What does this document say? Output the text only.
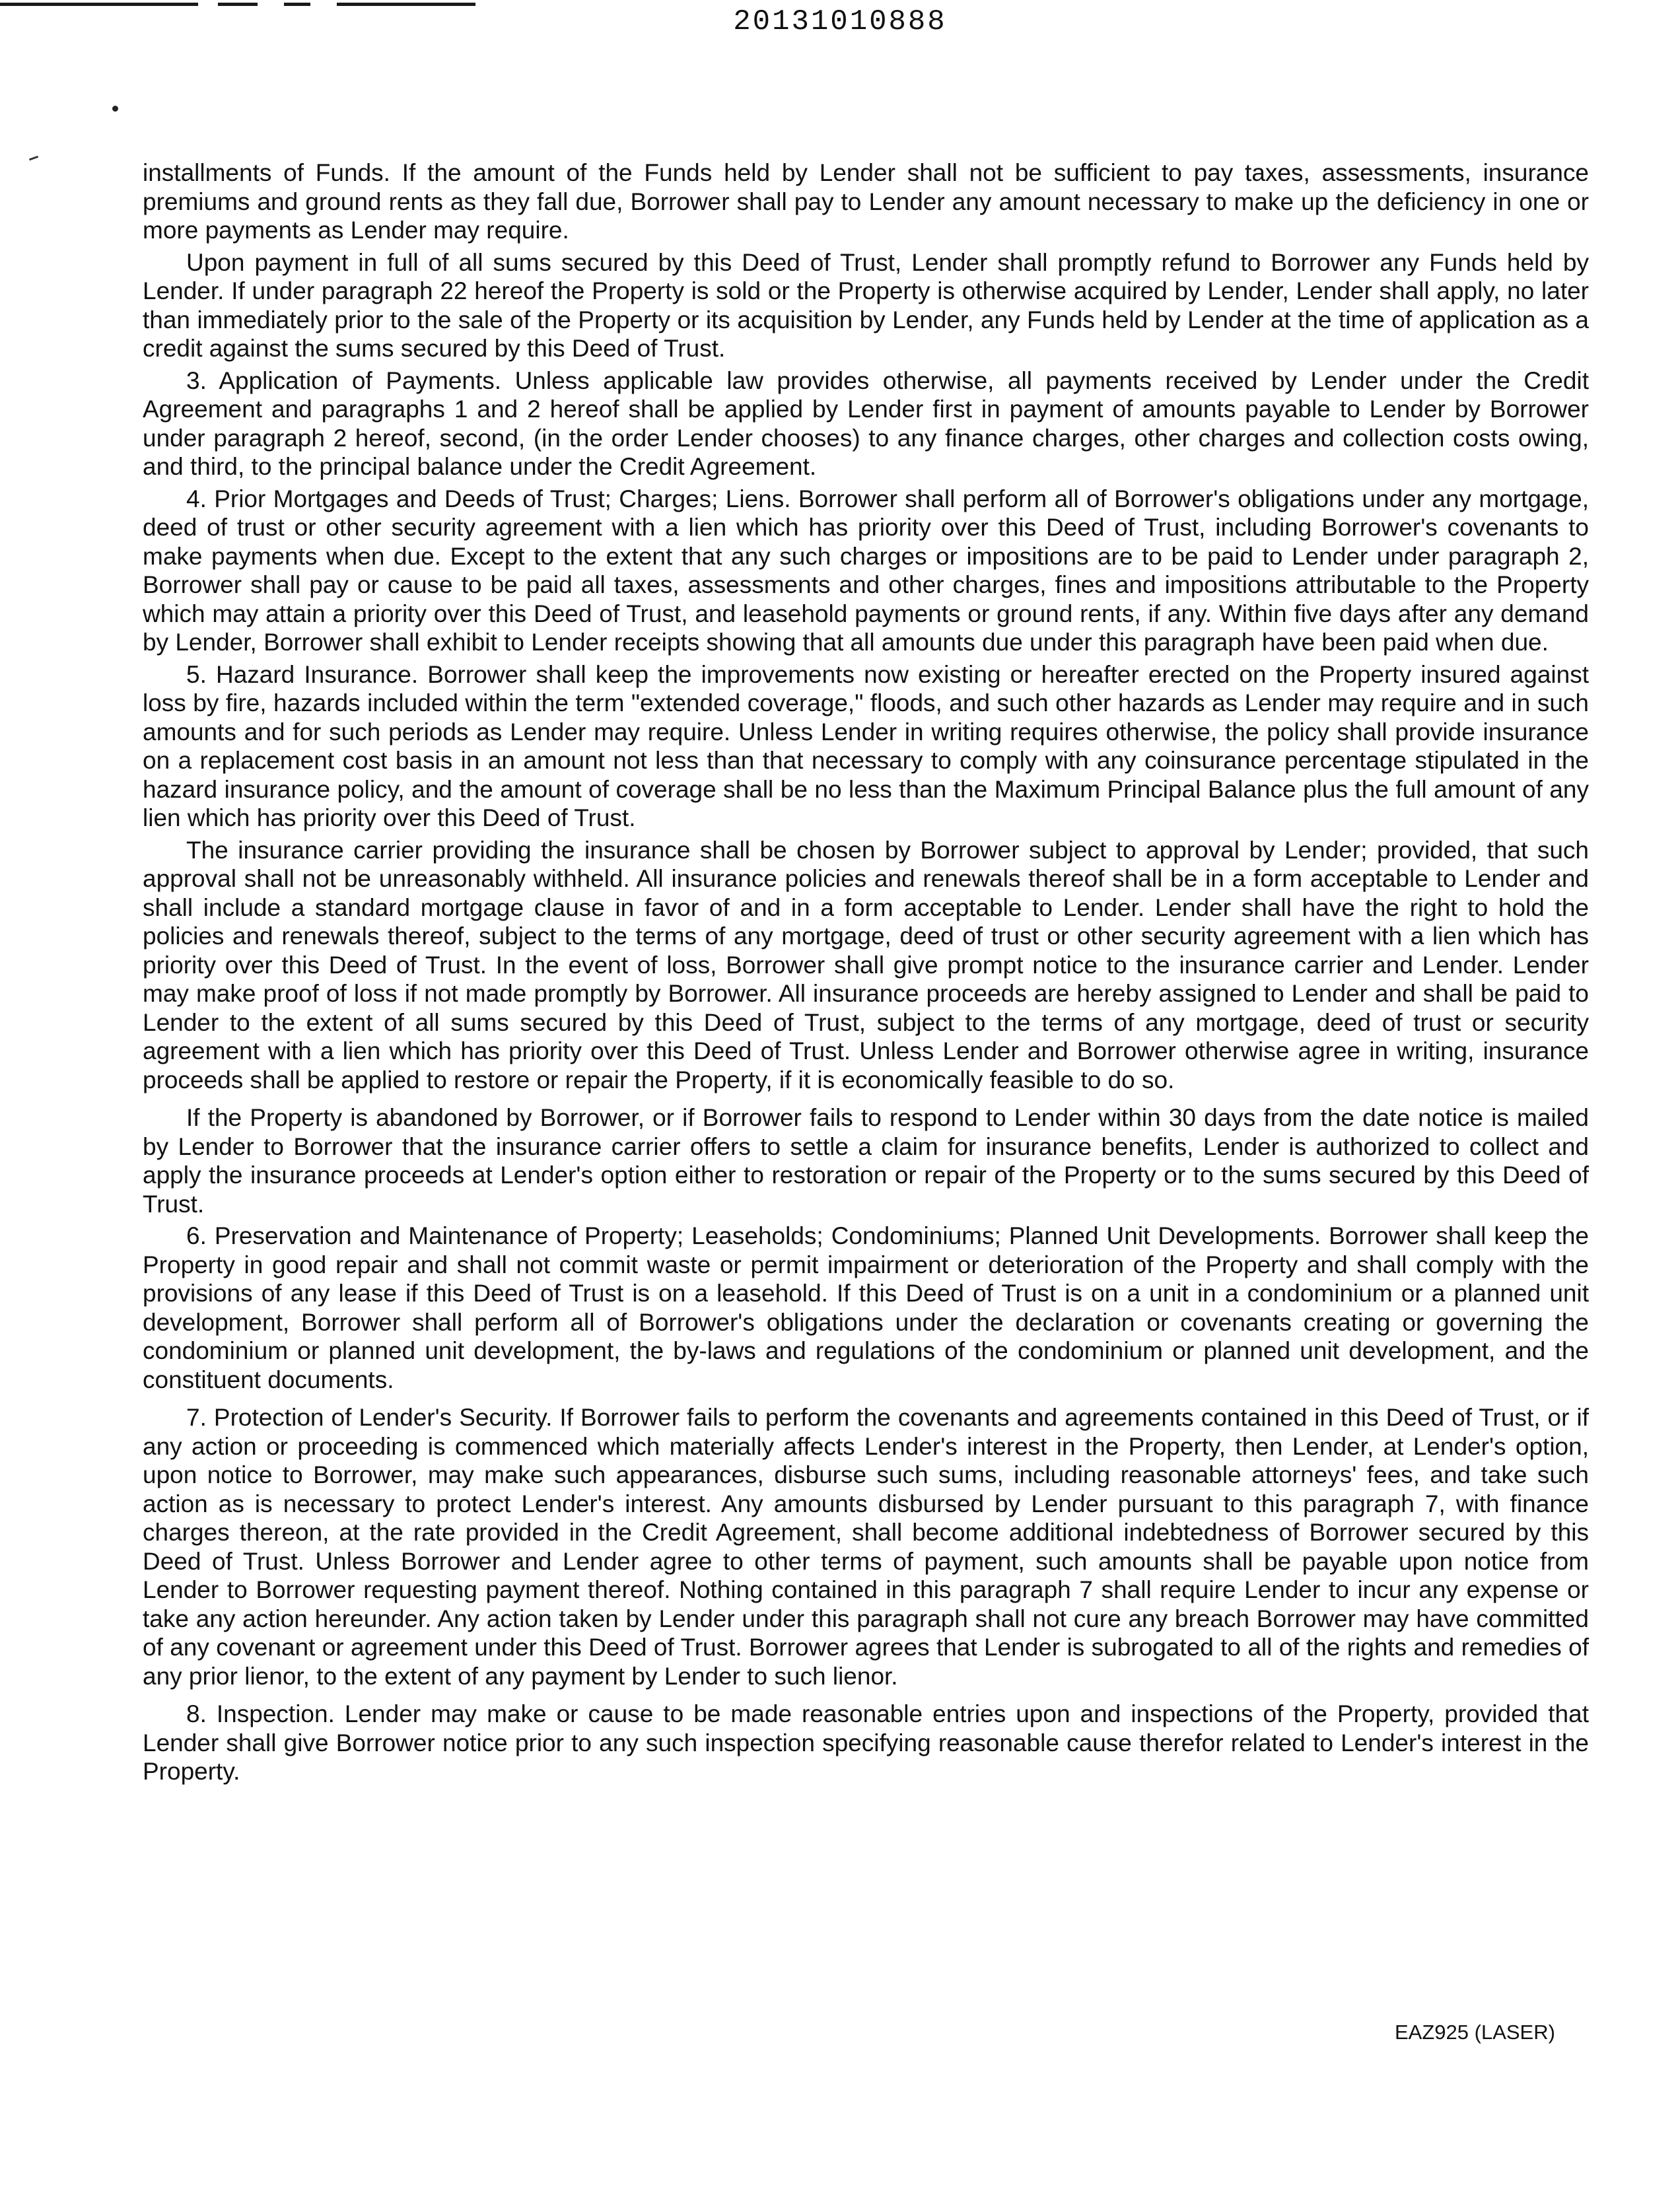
20131010888

installments of Funds. If the amount of the Funds held by Lender shall not be sufficient to pay taxes, assessments, insurance premiums and ground rents as they fall due, Borrower shall pay to Lender any amount necessary to make up the deficiency in one or more payments as Lender may require.

Upon payment in full of all sums secured by this Deed of Trust, Lender shall promptly refund to Borrower any Funds held by Lender. If under paragraph 22 hereof the Property is sold or the Property is otherwise acquired by Lender, Lender shall apply, no later than immediately prior to the sale of the Property or its acquisition by Lender, any Funds held by Lender at the time of application as a credit against the sums secured by this Deed of Trust.

3. Application of Payments. Unless applicable law provides otherwise, all payments received by Lender under the Credit Agreement and paragraphs 1 and 2 hereof shall be applied by Lender first in payment of amounts payable to Lender by Borrower under paragraph 2 hereof, second, (in the order Lender chooses) to any finance charges, other charges and collection costs owing, and third, to the principal balance under the Credit Agreement.

4. Prior Mortgages and Deeds of Trust; Charges; Liens. Borrower shall perform all of Borrower's obligations under any mortgage, deed of trust or other security agreement with a lien which has priority over this Deed of Trust, including Borrower's covenants to make payments when due. Except to the extent that any such charges or impositions are to be paid to Lender under paragraph 2, Borrower shall pay or cause to be paid all taxes, assessments and other charges, fines and impositions attributable to the Property which may attain a priority over this Deed of Trust, and leasehold payments or ground rents, if any. Within five days after any demand by Lender, Borrower shall exhibit to Lender receipts showing that all amounts due under this paragraph have been paid when due.

5. Hazard Insurance. Borrower shall keep the improvements now existing or hereafter erected on the Property insured against loss by fire, hazards included within the term "extended coverage," floods, and such other hazards as Lender may require and in such amounts and for such periods as Lender may require. Unless Lender in writing requires otherwise, the policy shall provide insurance on a replacement cost basis in an amount not less than that necessary to comply with any coinsurance percentage stipulated in the hazard insurance policy, and the amount of coverage shall be no less than the Maximum Principal Balance plus the full amount of any lien which has priority over this Deed of Trust.

The insurance carrier providing the insurance shall be chosen by Borrower subject to approval by Lender; provided, that such approval shall not be unreasonably withheld. All insurance policies and renewals thereof shall be in a form acceptable to Lender and shall include a standard mortgage clause in favor of and in a form acceptable to Lender. Lender shall have the right to hold the policies and renewals thereof, subject to the terms of any mortgage, deed of trust or other security agreement with a lien which has priority over this Deed of Trust. In the event of loss, Borrower shall give prompt notice to the insurance carrier and Lender. Lender may make proof of loss if not made promptly by Borrower. All insurance proceeds are hereby assigned to Lender and shall be paid to Lender to the extent of all sums secured by this Deed of Trust, subject to the terms of any mortgage, deed of trust or security agreement with a lien which has priority over this Deed of Trust. Unless Lender and Borrower otherwise agree in writing, insurance proceeds shall be applied to restore or repair the Property, if it is economically feasible to do so.

If the Property is abandoned by Borrower, or if Borrower fails to respond to Lender within 30 days from the date notice is mailed by Lender to Borrower that the insurance carrier offers to settle a claim for insurance benefits, Lender is authorized to collect and apply the insurance proceeds at Lender's option either to restoration or repair of the Property or to the sums secured by this Deed of Trust.

6. Preservation and Maintenance of Property; Leaseholds; Condominiums; Planned Unit Developments. Borrower shall keep the Property in good repair and shall not commit waste or permit impairment or deterioration of the Property and shall comply with the provisions of any lease if this Deed of Trust is on a leasehold. If this Deed of Trust is on a unit in a condominium or a planned unit development, Borrower shall perform all of Borrower's obligations under the declaration or covenants creating or governing the condominium or planned unit development, the by-laws and regulations of the condominium or planned unit development, and the constituent documents.

7. Protection of Lender's Security. If Borrower fails to perform the covenants and agreements contained in this Deed of Trust, or if any action or proceeding is commenced which materially affects Lender's interest in the Property, then Lender, at Lender's option, upon notice to Borrower, may make such appearances, disburse such sums, including reasonable attorneys' fees, and take such action as is necessary to protect Lender's interest. Any amounts disbursed by Lender pursuant to this paragraph 7, with finance charges thereon, at the rate provided in the Credit Agreement, shall become additional indebtedness of Borrower secured by this Deed of Trust. Unless Borrower and Lender agree to other terms of payment, such amounts shall be payable upon notice from Lender to Borrower requesting payment thereof. Nothing contained in this paragraph 7 shall require Lender to incur any expense or take any action hereunder. Any action taken by Lender under this paragraph shall not cure any breach Borrower may have committed of any covenant or agreement under this Deed of Trust. Borrower agrees that Lender is subrogated to all of the rights and remedies of any prior lienor, to the extent of any payment by Lender to such lienor.

8. Inspection. Lender may make or cause to be made reasonable entries upon and inspections of the Property, provided that Lender shall give Borrower notice prior to any such inspection specifying reasonable cause therefor related to Lender's interest in the Property.

EAZ925 (LASER)
